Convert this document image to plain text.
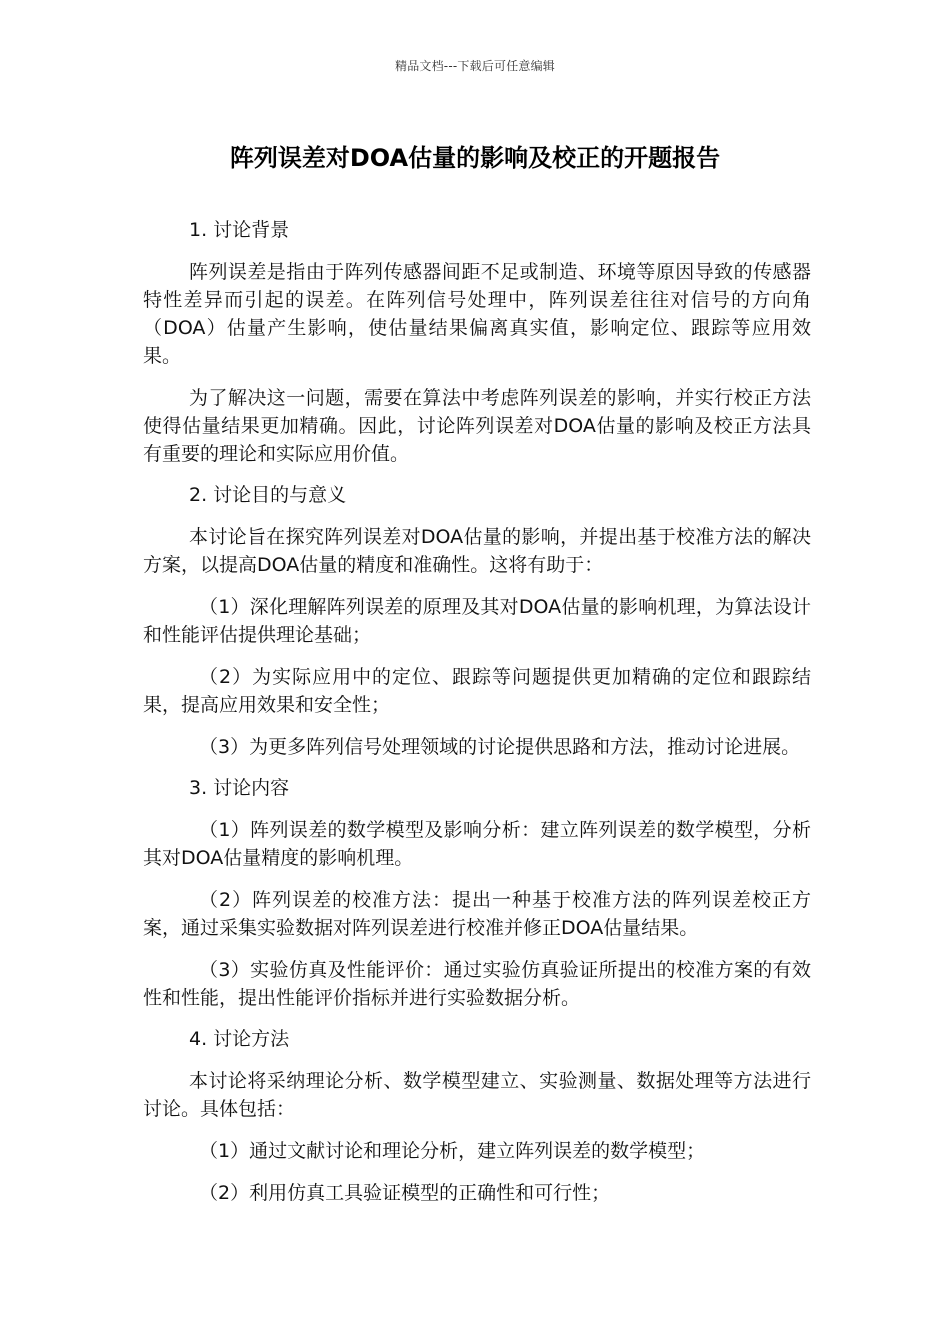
精品文档---下载后可任意编辑
阵列误差对DOA估量的影响及校正的开题报告

1. 讨论背景

阵列误差是指由于阵列传感器间距不足或制造、环境等原因导致的传感器特性差异而引起的误差。在阵列信号处理中，阵列误差往往对信号的方向角（DOA）估量产生影响，使估量结果偏离真实值，影响定位、跟踪等应用效果。

为了解决这一问题，需要在算法中考虑阵列误差的影响，并实行校正方法使得估量结果更加精确。因此，讨论阵列误差对DOA估量的影响及校正方法具有重要的理论和实际应用价值。

2. 讨论目的与意义

本讨论旨在探究阵列误差对DOA估量的影响，并提出基于校准方法的解决方案，以提高DOA估量的精度和准确性。这将有助于：

（1）深化理解阵列误差的原理及其对DOA估量的影响机理，为算法设计和性能评估提供理论基础；

（2）为实际应用中的定位、跟踪等问题提供更加精确的定位和跟踪结果，提高应用效果和安全性；

（3）为更多阵列信号处理领域的讨论提供思路和方法，推动讨论进展。

3. 讨论内容

（1）阵列误差的数学模型及影响分析：建立阵列误差的数学模型，分析其对DOA估量精度的影响机理。

（2）阵列误差的校准方法：提出一种基于校准方法的阵列误差校正方案，通过采集实验数据对阵列误差进行校准并修正DOA估量结果。

（3）实验仿真及性能评价：通过实验仿真验证所提出的校准方案的有效性和性能，提出性能评价指标并进行实验数据分析。

4. 讨论方法

本讨论将采纳理论分析、数学模型建立、实验测量、数据处理等方法进行讨论。具体包括：

（1）通过文献讨论和理论分析，建立阵列误差的数学模型；

（2）利用仿真工具验证模型的正确性和可行性；
